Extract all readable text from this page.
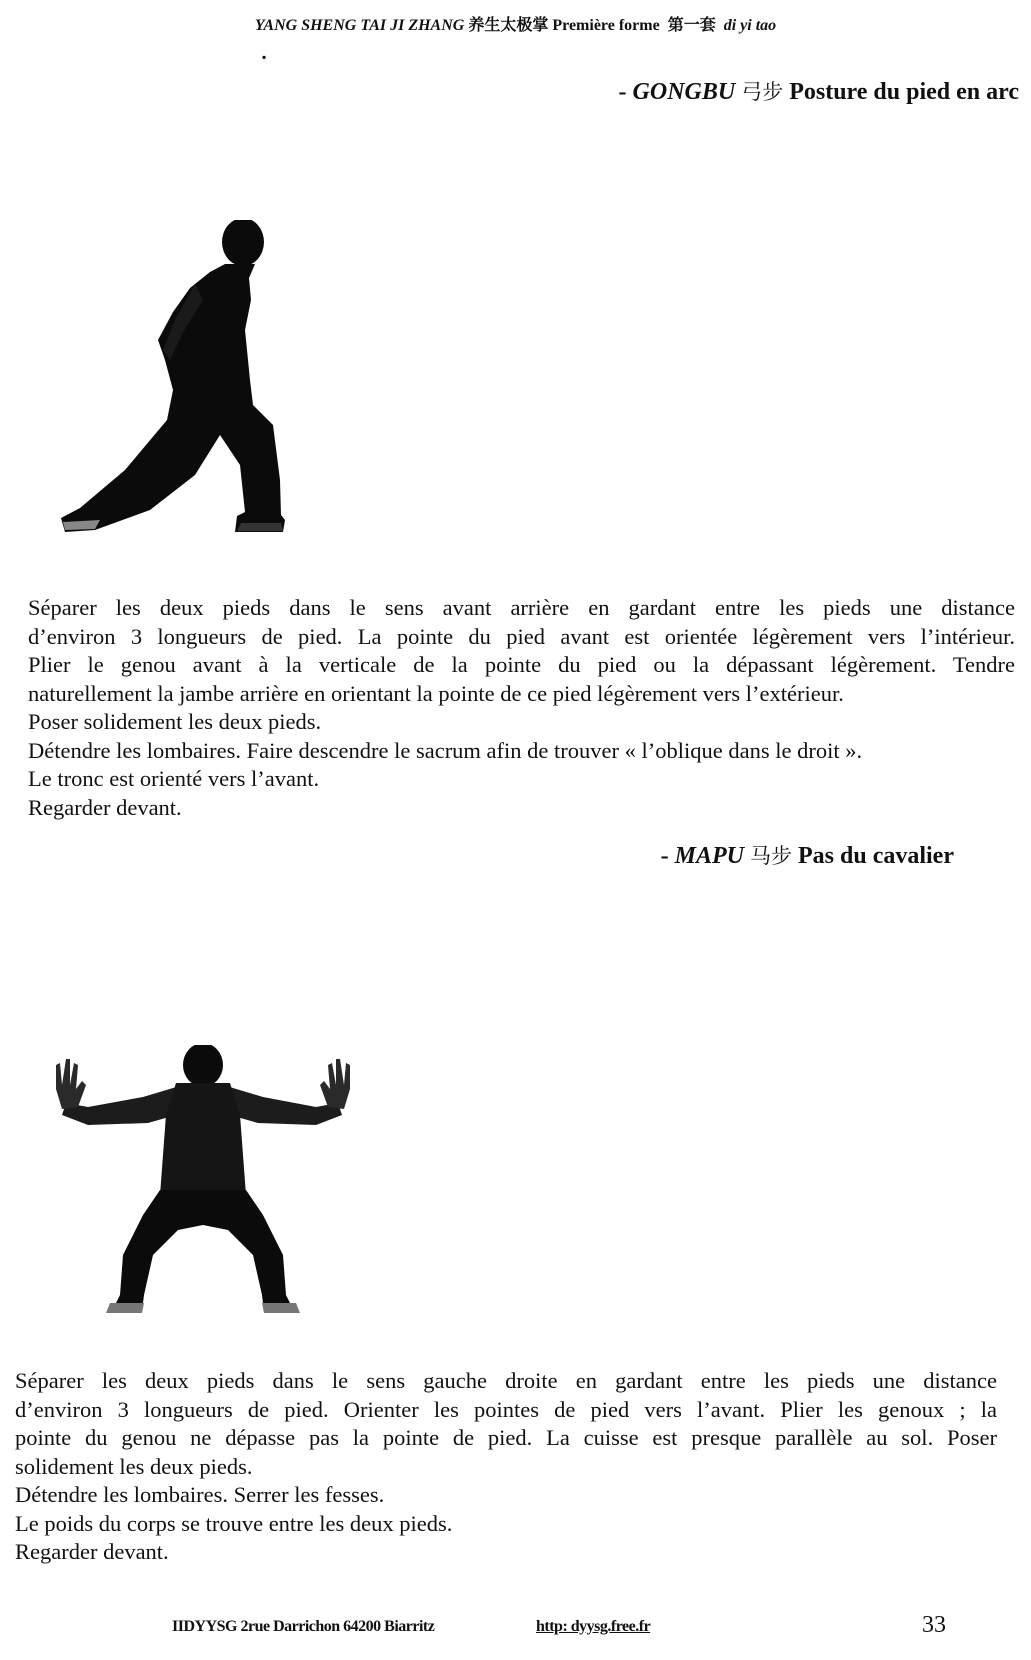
YANG SHENG TAI JI ZHANG 养生太极掌 Première forme 第一套 di yi tao
▪
- GONGBU 弓步 Posture du pied en arc

Séparer les deux pieds dans le sens avant arrière en gardant entre les pieds une distance

d’environ 3 longueurs de pied. La pointe du pied avant est orientée légèrement vers l’intérieur.

Plier le genou avant à la verticale de la pointe du pied ou la dépassant légèrement. Tendre

naturellement la jambe arrière en orientant la pointe de ce pied légèrement vers l’extérieur.

Poser solidement les deux pieds.

Détendre les lombaires. Faire descendre le sacrum afin de trouver « l’oblique dans le droit ».

Le tronc est orienté vers l’avant.

Regarder devant.

- MAPU 马步 Pas du cavalier

Séparer les deux pieds dans le sens gauche droite en gardant entre les pieds une distance

d’environ 3 longueurs de pied. Orienter les pointes de pied vers l’avant. Plier les genoux ; la

pointe du genou ne dépasse pas la pointe de pied. La cuisse est presque parallèle au sol. Poser

solidement les deux pieds.

Détendre les lombaires. Serrer les fesses.

Le poids du corps se trouve entre les deux pieds.

Regarder devant.

IIDYYSG 2rue Darrichon 64200 Biarritz	http: dyysg.free.fr	33
